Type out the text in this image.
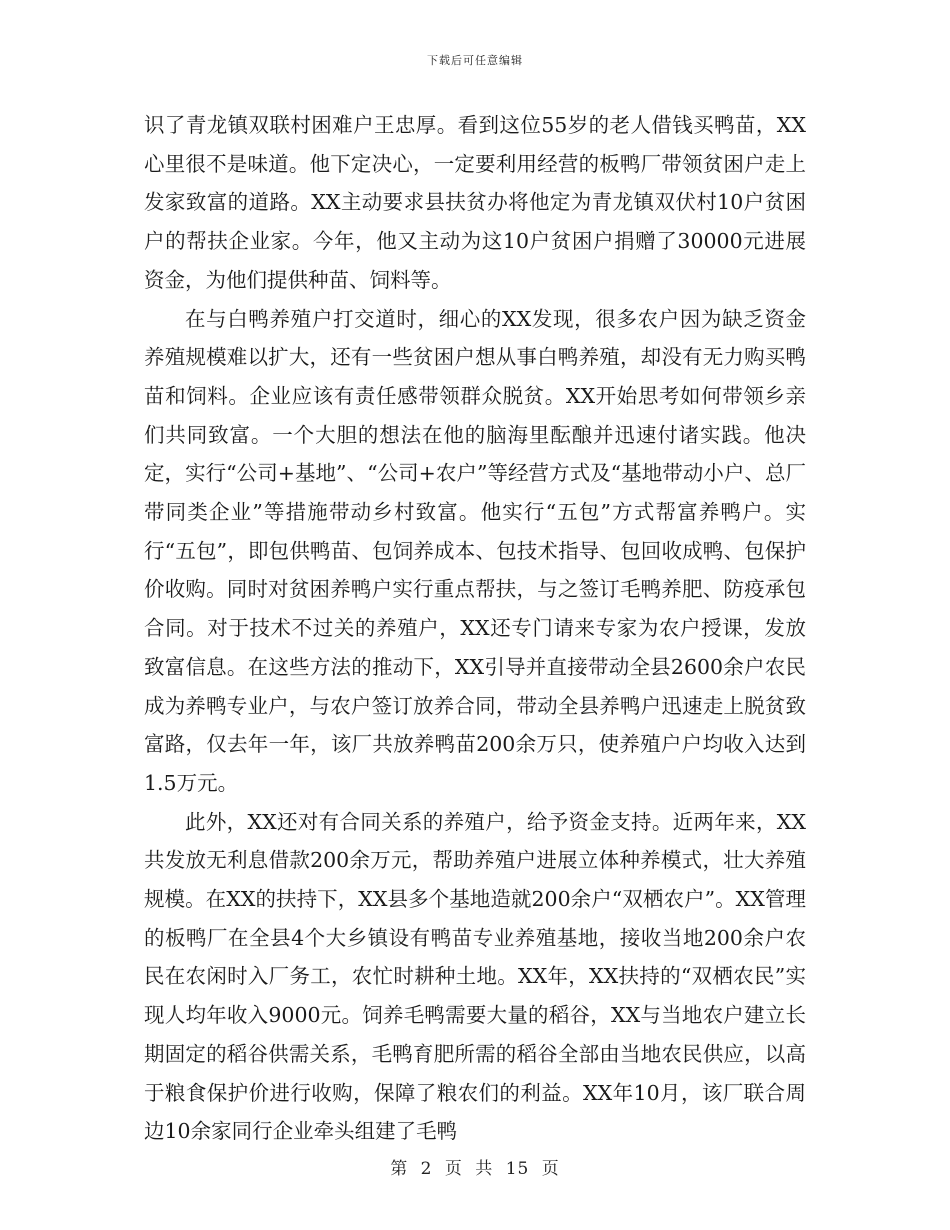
下载后可任意编辑

识了青龙镇双联村困难户王忠厚。看到这位55岁的老人借钱买鸭苗，XX心里很不是味道。他下定决心，一定要利用经营的板鸭厂带领贫困户走上发家致富的道路。XX主动要求县扶贫办将他定为青龙镇双伏村10户贫困户的帮扶企业家。今年，他又主动为这10户贫困户捐赠了30000元进展资金，为他们提供种苗、饲料等。

在与白鸭养殖户打交道时，细心的XX发现，很多农户因为缺乏资金养殖规模难以扩大，还有一些贫困户想从事白鸭养殖，却没有无力购买鸭苗和饲料。企业应该有责任感带领群众脱贫。XX开始思考如何带领乡亲们共同致富。一个大胆的想法在他的脑海里酝酿并迅速付诸实践。他决定，实行“公司+基地”、“公司+农户”等经营方式及“基地带动小户、总厂带同类企业”等措施带动乡村致富。他实行“五包”方式帮富养鸭户。实行“五包”，即包供鸭苗、包饲养成本、包技术指导、包回收成鸭、包保护价收购。同时对贫困养鸭户实行重点帮扶，与之签订毛鸭养肥、防疫承包合同。对于技术不过关的养殖户，XX还专门请来专家为农户授课，发放致富信息。在这些方法的推动下，XX引导并直接带动全县2600余户农民成为养鸭专业户，与农户签订放养合同，带动全县养鸭户迅速走上脱贫致富路，仅去年一年，该厂共放养鸭苗200余万只，使养殖户户均收入达到1.5万元。

此外，XX还对有合同关系的养殖户，给予资金支持。近两年来，XX共发放无利息借款200余万元，帮助养殖户进展立体种养模式，壮大养殖规模。在XX的扶持下，XX县多个基地造就200余户“双栖农户”。XX管理的板鸭厂在全县4个大乡镇设有鸭苗专业养殖基地，接收当地200余户农民在农闲时入厂务工，农忙时耕种土地。XX年，XX扶持的“双栖农民”实现人均年收入9000元。饲养毛鸭需要大量的稻谷，XX与当地农户建立长期固定的稻谷供需关系，毛鸭育肥所需的稻谷全部由当地农民供应，以高于粮食保护价进行收购，保障了粮农们的利益。XX年10月，该厂联合周边10余家同行企业牵头组建了毛鸭

第 2 页 共 15 页
